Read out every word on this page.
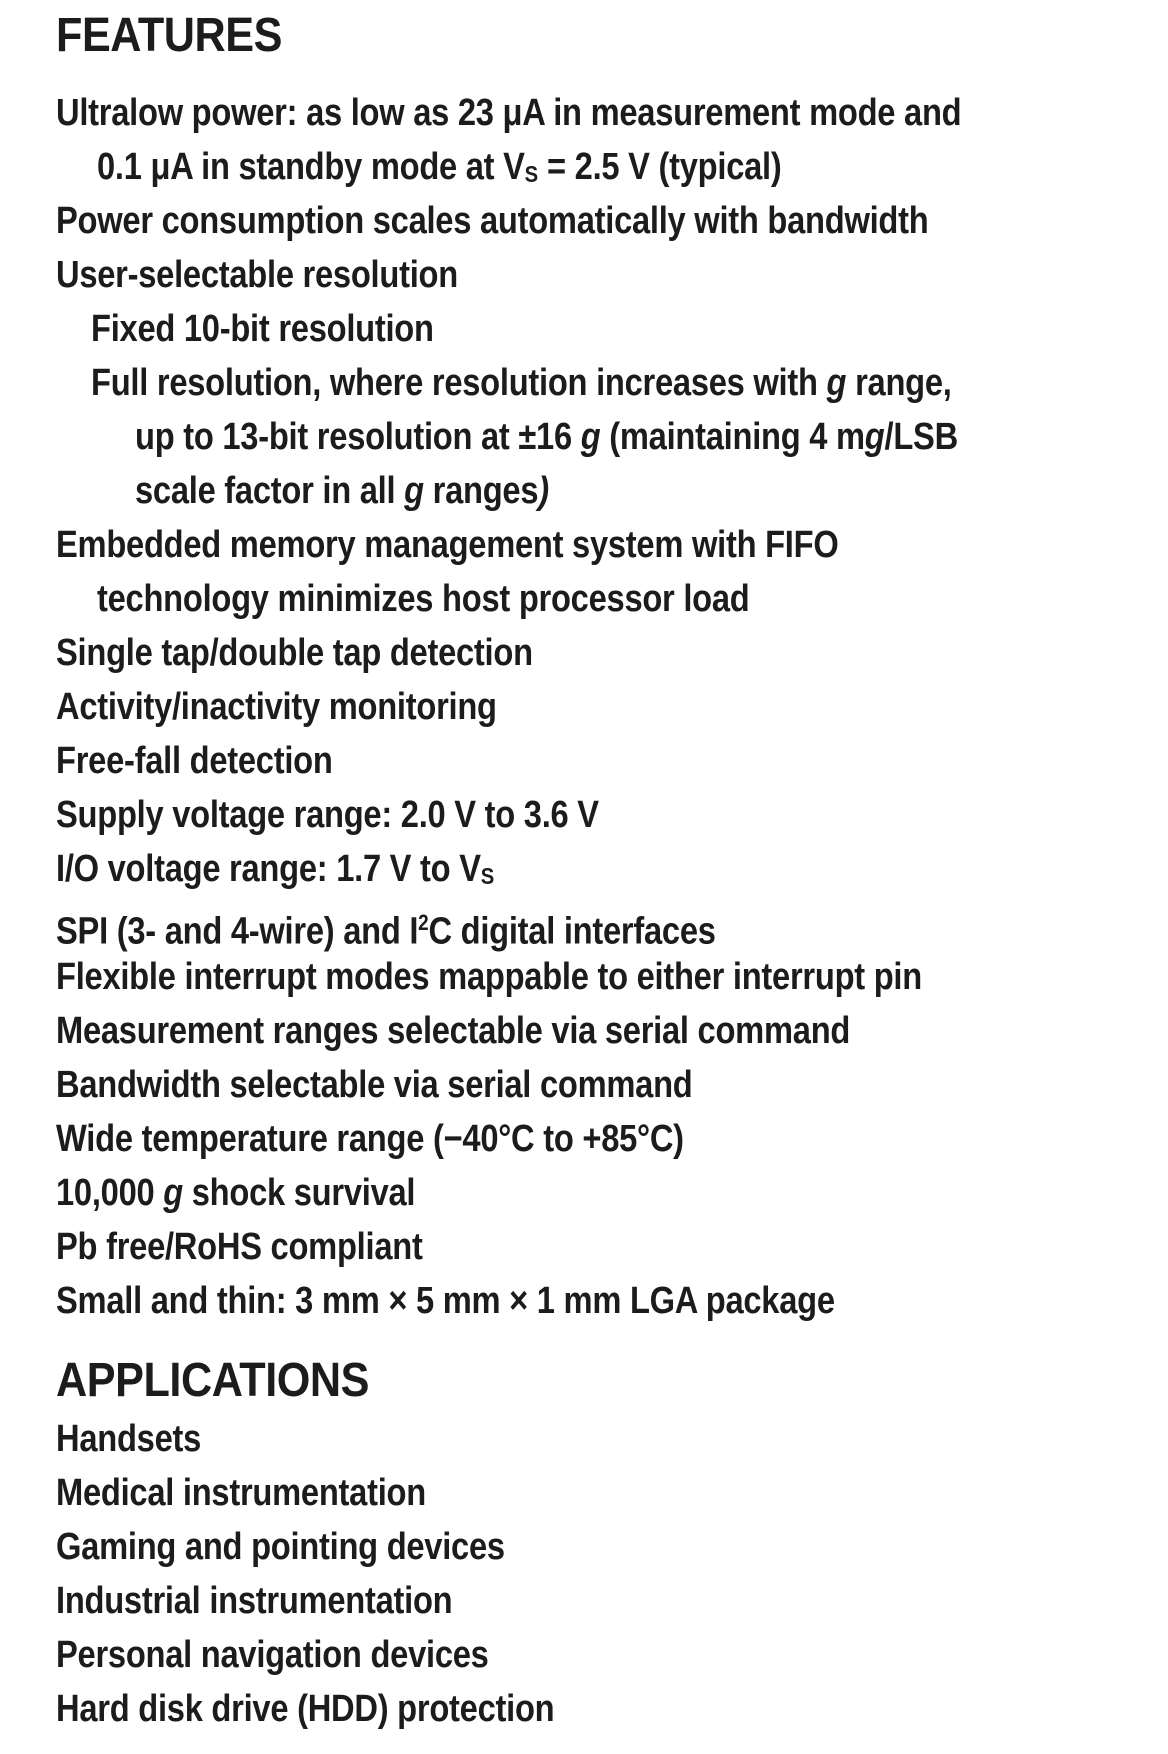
FEATURES
Ultralow power: as low as 23 μA in measurement mode and
0.1 μA in standby mode at VS = 2.5 V (typical)
Power consumption scales automatically with bandwidth
User-selectable resolution
Fixed 10-bit resolution
Full resolution, where resolution increases with g range,
up to 13-bit resolution at ±16 g (maintaining 4 mg/LSB
scale factor in all g ranges)
Embedded memory management system with FIFO
technology minimizes host processor load
Single tap/double tap detection
Activity/inactivity monitoring
Free-fall detection
Supply voltage range: 2.0 V to 3.6 V
I/O voltage range: 1.7 V to VS
SPI (3- and 4-wire) and $I^2C$ digital interfaces
Flexible interrupt modes mappable to either interrupt pin
Measurement ranges selectable via serial command
Bandwidth selectable via serial command
Wide temperature range (−40°C to +85°C)
10,000 g shock survival
Pb free/RoHS compliant
Small and thin: 3 mm × 5 mm × 1 mm LGA package
APPLICATIONS
Handsets
Medical instrumentation
Gaming and pointing devices
Industrial instrumentation
Personal navigation devices
Hard disk drive (HDD) protection
